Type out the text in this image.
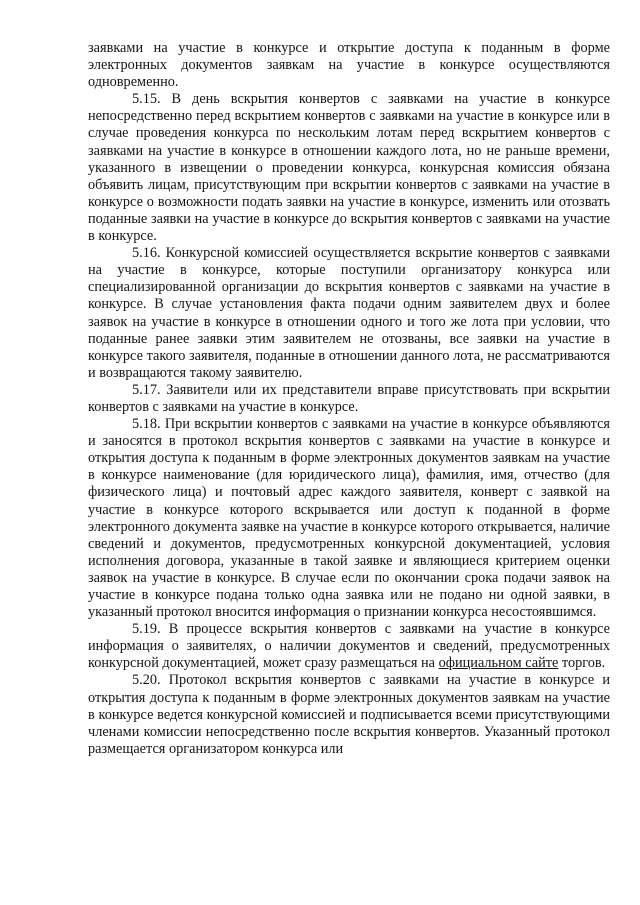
заявками на участие в конкурсе и открытие доступа к поданным в форме электронных документов заявкам на участие в конкурсе осуществляются одновременно.

5.15. В день вскрытия конвертов с заявками на участие в конкурсе непосредственно перед вскрытием конвертов с заявками на участие в конкурсе или в случае проведения конкурса по нескольким лотам перед вскрытием конвертов с заявками на участие в конкурсе в отношении каждого лота, но не раньше времени, указанного в извещении о проведении конкурса, конкурсная комиссия обязана объявить лицам, присутствующим при вскрытии конвертов с заявками на участие в конкурсе о возможности подать заявки на участие в конкурсе, изменить или отозвать поданные заявки на участие в конкурсе до вскрытия конвертов с заявками на участие в конкурсе.

5.16. Конкурсной комиссией осуществляется вскрытие конвертов с заявками на участие в конкурсе, которые поступили организатору конкурса или специализированной организации до вскрытия конвертов с заявками на участие в конкурсе. В случае установления факта подачи одним заявителем двух и более заявок на участие в конкурсе в отношении одного и того же лота при условии, что поданные ранее заявки этим заявителем не отозваны, все заявки на участие в конкурсе такого заявителя, поданные в отношении данного лота, не рассматриваются и возвращаются такому заявителю.

5.17. Заявители или их представители вправе присутствовать при вскрытии конвертов с заявками на участие в конкурсе.

5.18. При вскрытии конвертов с заявками на участие в конкурсе объявляются и заносятся в протокол вскрытия конвертов с заявками на участие в конкурсе и открытия доступа к поданным в форме электронных документов заявкам на участие в конкурсе наименование (для юридического лица), фамилия, имя, отчество (для физического лица) и почтовый адрес каждого заявителя, конверт с заявкой на участие в конкурсе которого вскрывается или доступ к поданной в форме электронного документа заявке на участие в конкурсе которого открывается, наличие сведений и документов, предусмотренных конкурсной документацией, условия исполнения договора, указанные в такой заявке и являющиеся критерием оценки заявок на участие в конкурсе. В случае если по окончании срока подачи заявок на участие в конкурсе подана только одна заявка или не подано ни одной заявки, в указанный протокол вносится информация о признании конкурса несостоявшимся.

5.19. В процессе вскрытия конвертов с заявками на участие в конкурсе информация о заявителях, о наличии документов и сведений, предусмотренных конкурсной документацией, может сразу размещаться на официальном сайте торгов.

5.20. Протокол вскрытия конвертов с заявками на участие в конкурсе и открытия доступа к поданным в форме электронных документов заявкам на участие в конкурсе ведется конкурсной комиссией и подписывается всеми присутствующими членами комиссии непосредственно после вскрытия конвертов. Указанный протокол размещается организатором конкурса или
